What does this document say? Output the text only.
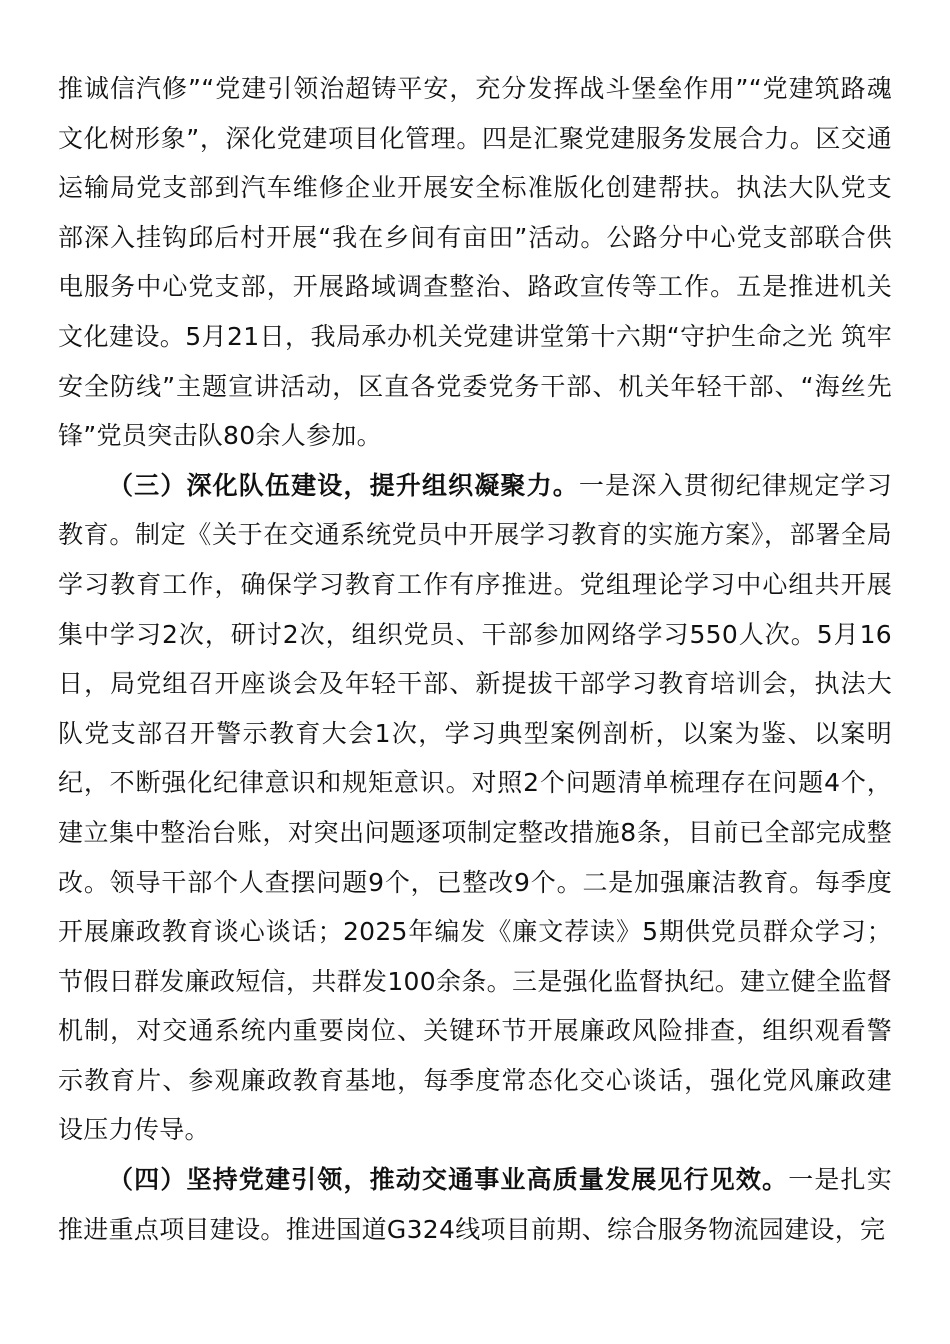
推诚信汽修”“党建引领治超铸平安，充分发挥战斗堡垒作用”“党建筑路魂文化树形象”，深化党建项目化管理。四是汇聚党建服务发展合力。区交通运输局党支部到汽车维修企业开展安全标准版化创建帮扶。执法大队党支部深入挂钩邱后村开展“我在乡间有亩田”活动。公路分中心党支部联合供电服务中心党支部，开展路域调查整治、路政宣传等工作。五是推进机关文化建设。5月21日，我局承办机关党建讲堂第十六期“守护生命之光 筑牢安全防线”主题宣讲活动，区直各党委党务干部、机关年轻干部、“海丝先锋”党员突击队80余人参加。

（三）深化队伍建设，提升组织凝聚力。一是深入贯彻纪律规定学习教育。制定《关于在交通系统党员中开展学习教育的实施方案》，部署全局学习教育工作，确保学习教育工作有序推进。党组理论学习中心组共开展集中学习2次，研讨2次，组织党员、干部参加网络学习550人次。5月16日，局党组召开座谈会及年轻干部、新提拔干部学习教育培训会，执法大队党支部召开警示教育大会1次，学习典型案例剖析，以案为鉴、以案明纪，不断强化纪律意识和规矩意识。对照2个问题清单梳理存在问题4个，建立集中整治台账，对突出问题逐项制定整改措施8条，目前已全部完成整改。领导干部个人查摆问题9个，已整改9个。二是加强廉洁教育。每季度开展廉政教育谈心谈话；2025年编发《廉文荐读》5期供党员群众学习；节假日群发廉政短信，共群发100余条。三是强化监督执纪。建立健全监督机制，对交通系统内重要岗位、关键环节开展廉政风险排查，组织观看警示教育片、参观廉政教育基地，每季度常态化交心谈话，强化党风廉政建设压力传导。

（四）坚持党建引领，推动交通事业高质量发展见行见效。一是扎实推进重点项目建设。推进国道G324线项目前期、综合服务物流园建设，完
